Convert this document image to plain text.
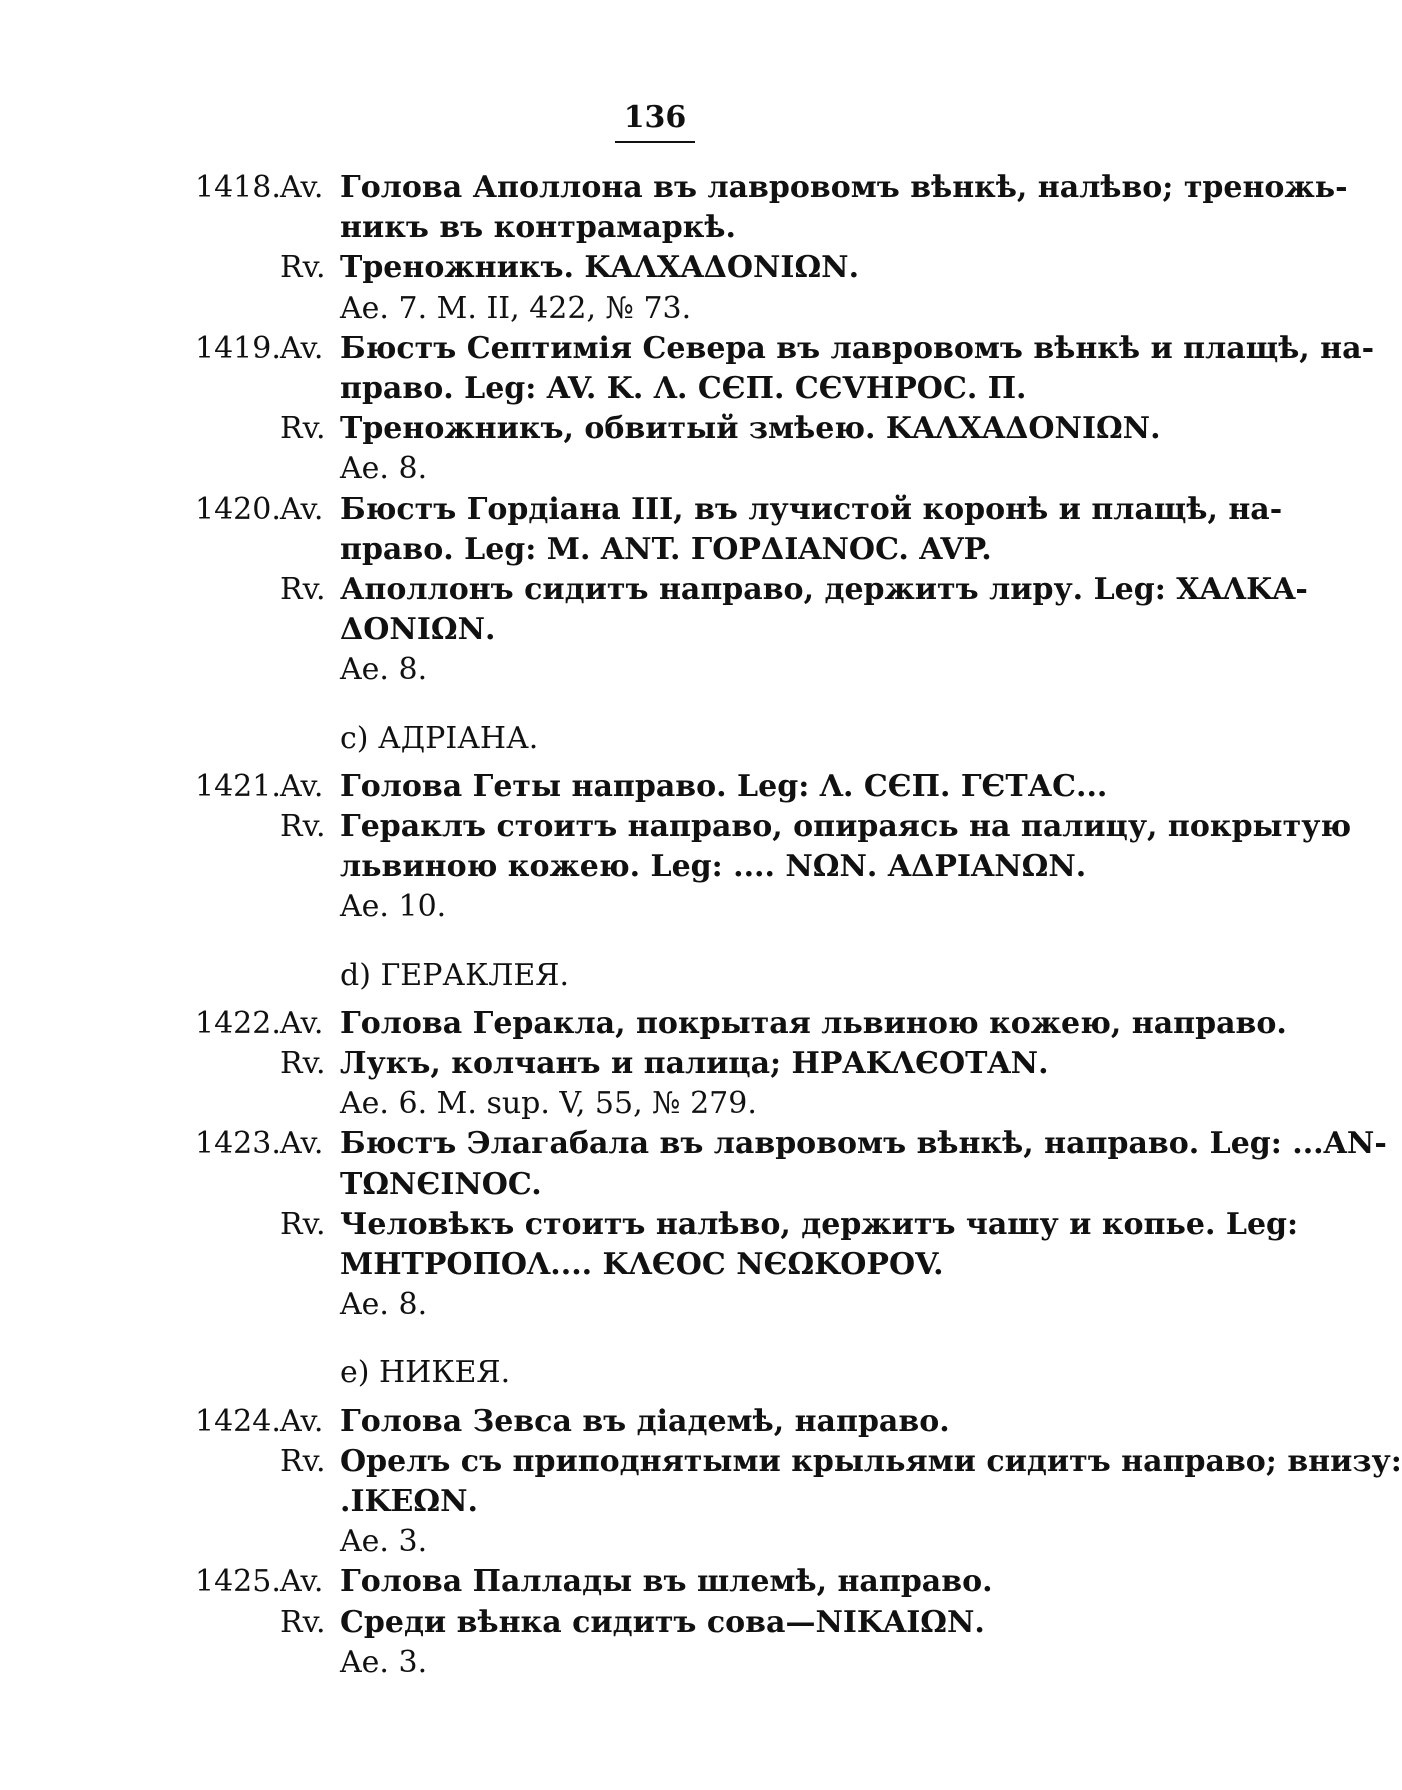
136
1418. Av. Голова Аполлона въ лавровомъ вѣнкѣ, налѣво; треножь-
никъ въ контрамаркѣ.
Rv. Треножникъ. ΚΑΛΧΑΔΟΝΙΩΝ.
Ae. 7. M. II, 422, № 73.
1419. Av. Бюстъ Септимія Севера въ лавровомъ вѣнкѣ и плащѣ, на-
право. Leg: AV. K. Λ. СЄП. СЄVΗΡΟС. П.
Rv. Треножникъ, обвитый змѣею. ΚΑΛΧΑΔΟΝΙΩΝ.
Ae. 8.
1420. Av. Бюстъ Гордіана III, въ лучистой коронѣ и плащѣ, на-
право. Leg: M. ANT. ΓΟΡΔΙΑΝΟC. AVP.
Rv. Аполлонъ сидитъ направо, держитъ лиру. Leg: ΧΑΛΚΑ-
ΔΟΝΙΩΝ.
Ae. 8.
c) АДРІАНА.
1421. Av. Голова Геты направо. Leg: Λ. СЄП. ГЄТАС...
Rv. Гераклъ стоитъ направо, опираясь на палицу, покрытую
львиною кожею. Leg: .... ΝΩΝ. ΑΔΡΙΑΝΩΝ.
Ae. 10.
d) ГЕРАКЛЕЯ.
1422. Av. Голова Геракла, покрытая львиною кожею, направо.
Rv. Лукъ, колчанъ и палица; ΗΡΑΚΛЄΟΤΑΝ.
Ae. 6. M. sup. V, 55, № 279.
1423. Av. Бюстъ Элагабала въ лавровомъ вѣнкѣ, направо. Leg: ...AN-
TΩNЄINOC.
Rv. Человѣкъ стоитъ налѣво, держитъ чашу и копье. Leg:
ΜΗΤΡΟΠΟΛ.... ΚΛЄΟC ΝЄΩΚΟΡΟV.
Ae. 8.
e) НИКЕЯ.
1424. Av. Голова Зевса въ діадемѣ, направо.
Rv. Орелъ съ приподнятыми крыльями сидитъ направо; внизу:
.ΙΚΕΩΝ.
Ae. 3.
1425. Av. Голова Паллады въ шлемѣ, направо.
Rv. Среди вѣнка сидитъ сова—ΝΙΚΑΙΩΝ.
Ae. 3.
